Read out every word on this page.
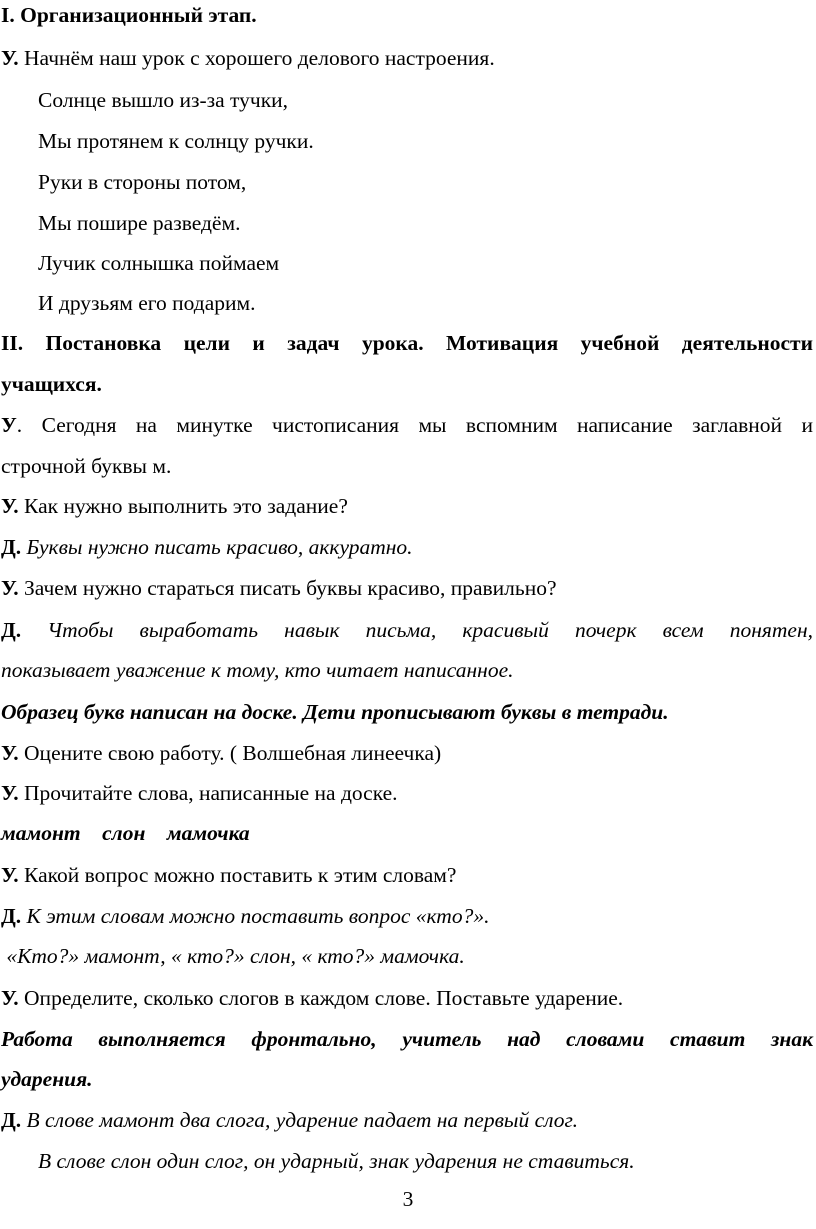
I. Организационный этап.
У. Начнём наш урок с хорошего делового настроения.
Солнце вышло из-за тучки,
Мы протянем к солнцу ручки.
Руки в стороны потом,
Мы пошире разведём.
Лучик солнышка поймаем
И друзьям его подарим.
II. Постановка цели и задач урока. Мотивация учебной деятельности
учащихся.
У. Сегодня на минутке чистописания мы вспомним написание заглавной и
строчной буквы м.
У. Как нужно выполнить это задание?
Д. Буквы нужно писать красиво, аккуратно.
У. Зачем нужно стараться писать буквы красиво, правильно?
Д. Чтобы выработать навык письма, красивый почерк всем понятен,
показывает уважение к тому, кто читает написанное.
Образец букв написан на доске. Дети прописывают буквы в тетради.
У. Оцените свою работу. ( Волшебная линеечка)
У. Прочитайте слова, написанные на доске.
мамонт    слон    мамочка
У. Какой вопрос можно поставить к этим словам?
Д. К этим словам можно поставить вопрос «кто?».
«Кто?» мамонт, « кто?» слон, « кто?» мамочка.
У. Определите, сколько слогов в каждом слове. Поставьте ударение.
Работа выполняется фронтально, учитель над словами ставит знак
ударения.
Д. В слове мамонт два слога, ударение падает на первый слог.
В слове слон один слог, он ударный, знак ударения не ставиться.
3
